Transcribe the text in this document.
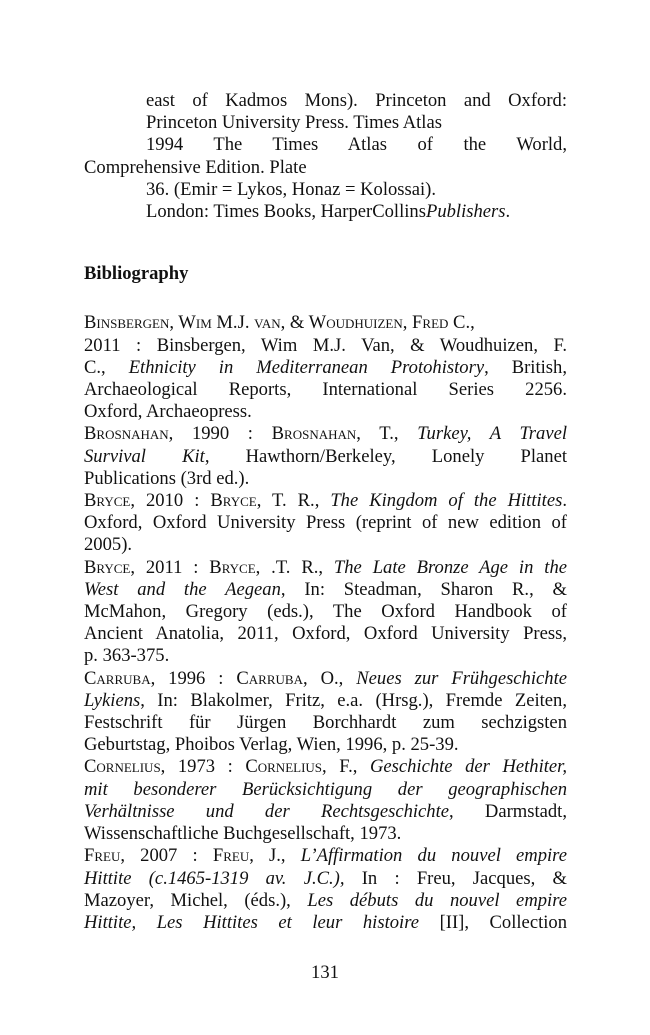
east of Kadmos Mons). Princeton and Oxford:
Princeton University Press. Times Atlas
1994 The Times Atlas of the World,
Comprehensive Edition. Plate
36. (Emir = Lykos, Honaz = Kolossai).
London: Times Books, HarperCollinsPublishers.
Bibliography
Binsbergen, Wim M.J. van, & Woudhuizen, Fred C.,
2011 : Binsbergen, Wim M.J. Van, & Woudhuizen, F.
C., Ethnicity in Mediterranean Protohistory, British,
Archaeological Reports, International Series 2256.
Oxford, Archaeopress.
Brosnahan, 1990 : Brosnahan, T., Turkey, A Travel
Survival Kit, Hawthorn/Berkeley, Lonely Planet
Publications (3rd ed.).
Bryce, 2010 : Bryce, T. R., The Kingdom of the Hittites.
Oxford, Oxford University Press (reprint of new edition of
2005).
Bryce, 2011 : Bryce, .T. R., The Late Bronze Age in the
West and the Aegean, In: Steadman, Sharon R., &
McMahon, Gregory (eds.), The Oxford Handbook of
Ancient Anatolia, 2011, Oxford, Oxford University Press,
p. 363-375.
Carruba, 1996 : Carruba, O., Neues zur Frühgeschichte
Lykiens, In: Blakolmer, Fritz, e.a. (Hrsg.), Fremde Zeiten,
Festschrift für Jürgen Borchhardt zum sechzigsten
Geburtstag, Phoibos Verlag, Wien, 1996, p. 25-39.
Cornelius, 1973 : Cornelius, F., Geschichte der Hethiter,
mit besonderer Berücksichtigung der geographischen
Verhältnisse und der Rechtsgeschichte, Darmstadt,
Wissenschaftliche Buchgesellschaft, 1973.
Freu, 2007 : Freu, J., L’Affirmation du nouvel empire
Hittite (c.1465-1319 av. J.C.), In : Freu, Jacques, &
Mazoyer, Michel, (éds.), Les débuts du nouvel empire
Hittite, Les Hittites et leur histoire [II], Collection
131
